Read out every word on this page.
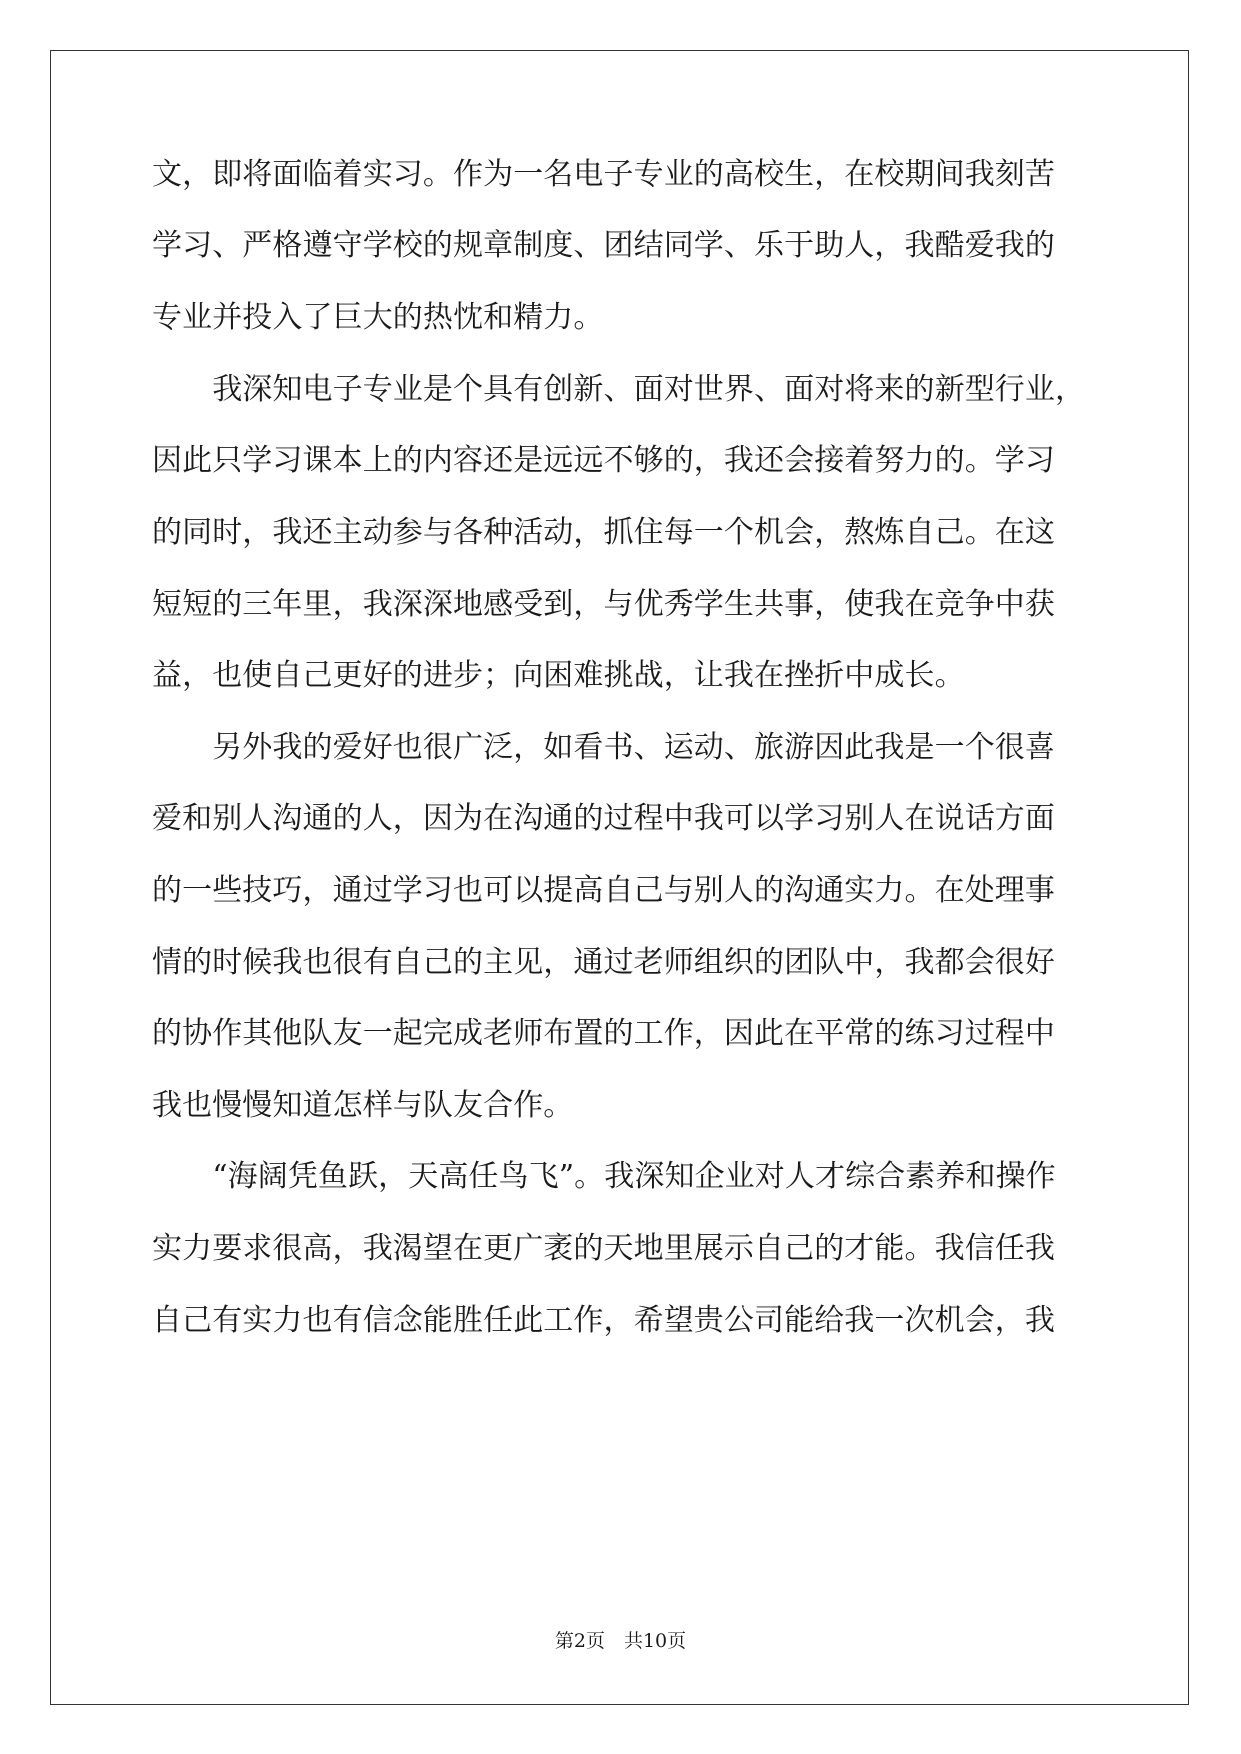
文，即将面临着实习。作为一名电子专业的高校生，在校期间我刻苦
学习、严格遵守学校的规章制度、团结同学、乐于助人，我酷爱我的
专业并投入了巨大的热忱和精力。
　　我深知电子专业是个具有创新、面对世界、面对将来的新型行业，
因此只学习课本上的内容还是远远不够的，我还会接着努力的。学习
的同时，我还主动参与各种活动，抓住每一个机会，熬炼自己。在这
短短的三年里，我深深地感受到，与优秀学生共事，使我在竞争中获
益，也使自己更好的进步；向困难挑战，让我在挫折中成长。
　　另外我的爱好也很广泛，如看书、运动、旅游因此我是一个很喜
爱和别人沟通的人，因为在沟通的过程中我可以学习别人在说话方面
的一些技巧，通过学习也可以提高自己与别人的沟通实力。在处理事
情的时候我也很有自己的主见，通过老师组织的团队中，我都会很好
的协作其他队友一起完成老师布置的工作，因此在平常的练习过程中
我也慢慢知道怎样与队友合作。
　　“海阔凭鱼跃，天高任鸟飞”。我深知企业对人才综合素养和操作
实力要求很高，我渴望在更广袤的天地里展示自己的才能。我信任我
自己有实力也有信念能胜任此工作，希望贵公司能给我一次机会，我
第2页　共10页
